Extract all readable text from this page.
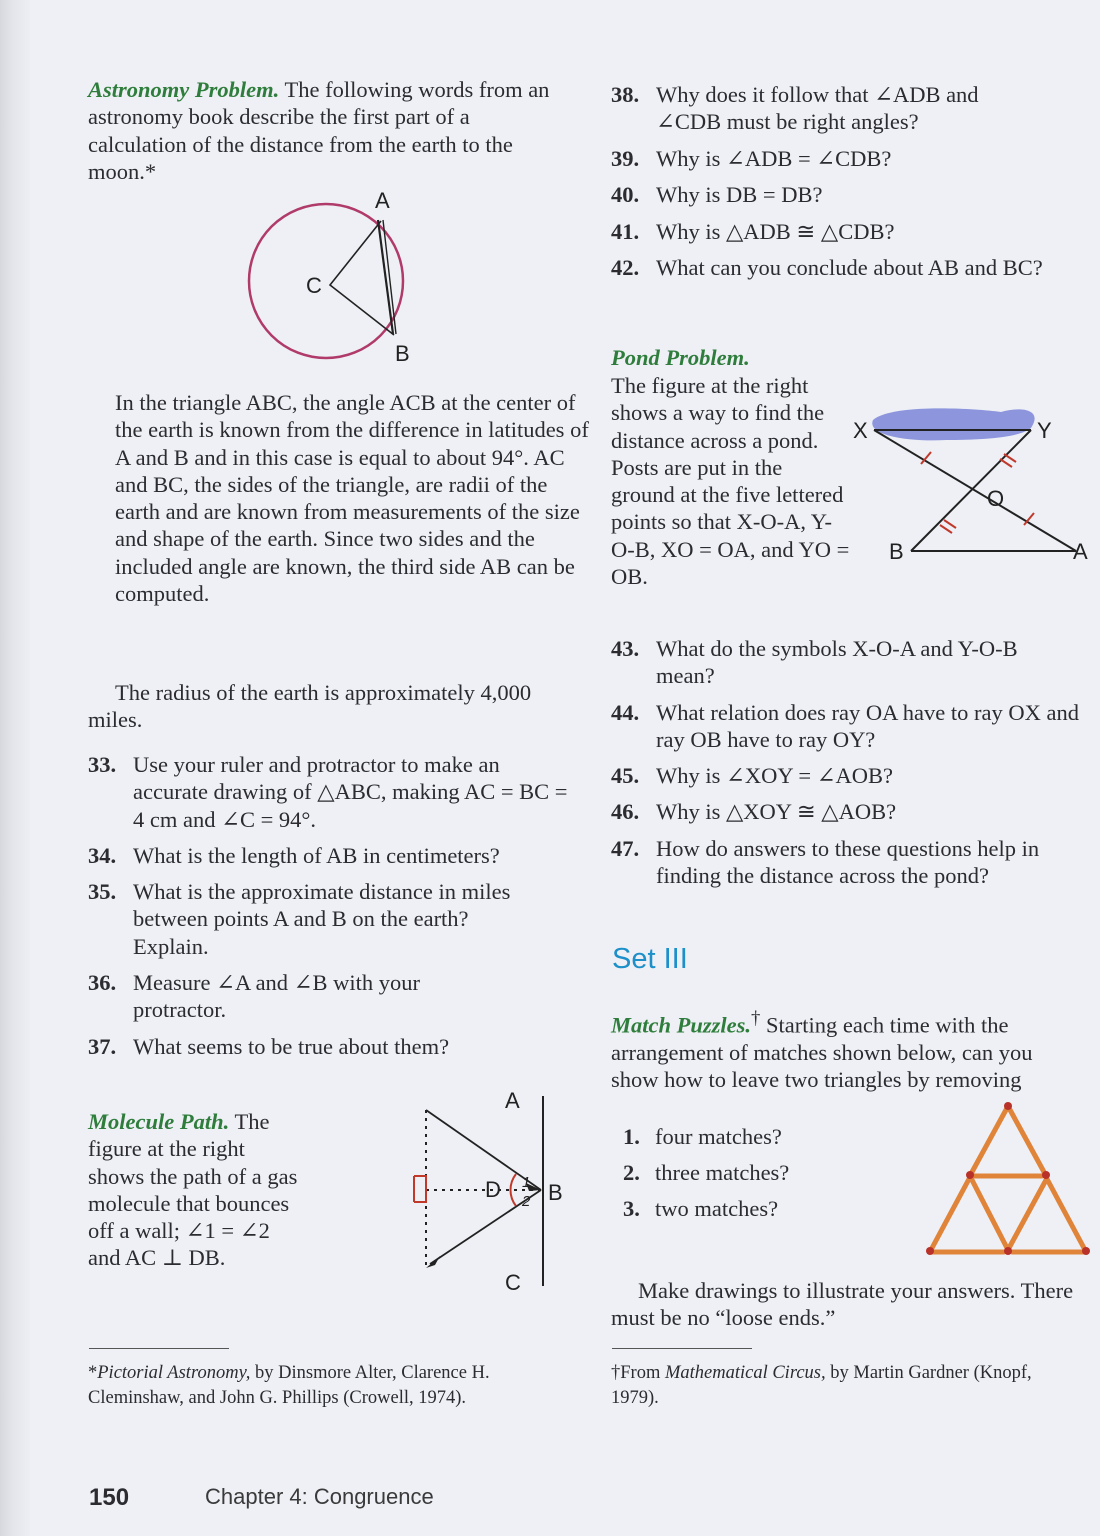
Astronomy Problem. The following words from an astronomy book describe the first part of a calculation of the distance from the earth to the moon.*

A
C
B

In the triangle ABC, the angle ACB at the center of the earth is known from the difference in latitudes of A and B and in this case is equal to about 94°. AC and BC, the sides of the triangle, are radii of the earth and are known from measurements of the size and shape of the earth. Since two sides and the included angle are known, the third side AB can be computed.

The radius of the earth is approximately 4,000 miles.

33. Use your ruler and protractor to make an accurate drawing of △ABC, making AC = BC = 4 cm and ∠C = 94°.
34. What is the length of AB in centimeters?
35. What is the approximate distance in miles between points A and B on the earth? Explain.
36. Measure ∠A and ∠B with your protractor.
37. What seems to be true about them?

Molecule Path. The figure at the right shows the path of a gas molecule that bounces off a wall; ∠1 = ∠2 and AC ⊥ DB.

1
2
A
D B
C
*Pictorial Astronomy, by Dinsmore Alter, Clarence H. Cleminshaw, and John G. Phillips (Crowell, 1974).
38. Why does it follow that ∠ADB and ∠CDB must be right angles?
39. Why is ∠ADB = ∠CDB?
40. Why is DB = DB?
41. Why is △ADB ≅ △CDB?
42. What can you conclude about AB and BC?

Pond Problem.

The figure at the right shows a way to find the distance across a pond. Posts are put in the ground at the five lettered points so that X-O-A, Y-O-B, XO = OA, and YO = OB.

X	Y
O
B	A
43. What do the symbols X-O-A and Y-O-B mean?
44. What relation does ray OA have to ray OX and ray OB have to ray OY?
45. Why is ∠XOY = ∠AOB?
46. Why is △XOY ≅ △AOB?
47. How do answers to these questions help in finding the distance across the pond?
Set III

Match Puzzles.† Starting each time with the arrangement of matches shown below, can you show how to leave two triangles by removing

1. four matches?
2. three matches?
3. two matches?

Make drawings to illustrate your answers. There must be no “loose ends.”

†From Mathematical Circus, by Martin Gardner (Knopf, 1979).
150	Chapter 4: Congruence
